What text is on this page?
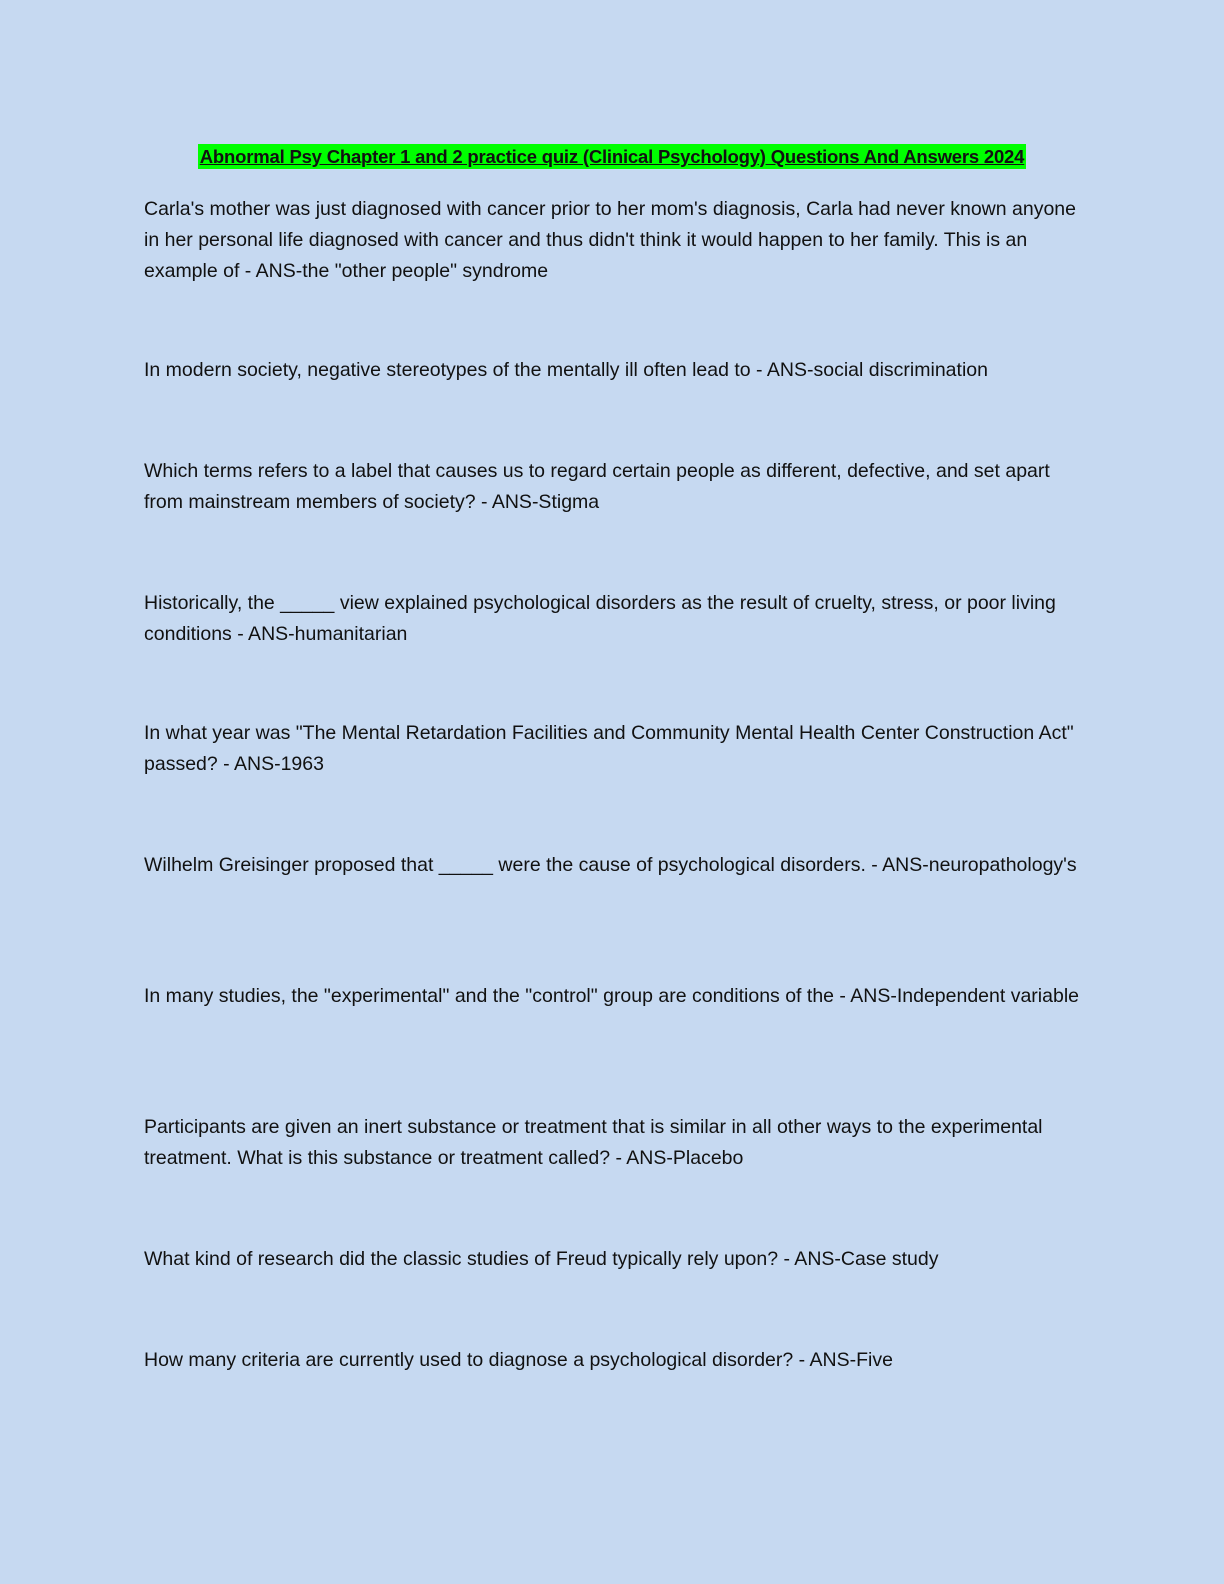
Abnormal Psy Chapter 1 and 2 practice quiz (Clinical Psychology) Questions And Answers 2024

Carla's mother was just diagnosed with cancer prior to her mom's diagnosis, Carla had never known anyone in her personal life diagnosed with cancer and thus didn't think it would happen to her family. This is an example of - ANS-the "other people" syndrome

In modern society, negative stereotypes of the mentally ill often lead to - ANS-social discrimination

Which terms refers to a label that causes us to regard certain people as different, defective, and set apart from mainstream members of society? - ANS-Stigma

Historically, the _____ view explained psychological disorders as the result of cruelty, stress, or poor living conditions - ANS-humanitarian

In what year was "The Mental Retardation Facilities and Community Mental Health Center Construction Act" passed? - ANS-1963

Wilhelm Greisinger proposed that _____ were the cause of psychological disorders. - ANS-neuropathology's

In many studies, the "experimental" and the "control" group are conditions of the - ANS-Independent variable

Participants are given an inert substance or treatment that is similar in all other ways to the experimental treatment. What is this substance or treatment called? - ANS-Placebo

What kind of research did the classic studies of Freud typically rely upon? - ANS-Case study

How many criteria are currently used to diagnose a psychological disorder? - ANS-Five
